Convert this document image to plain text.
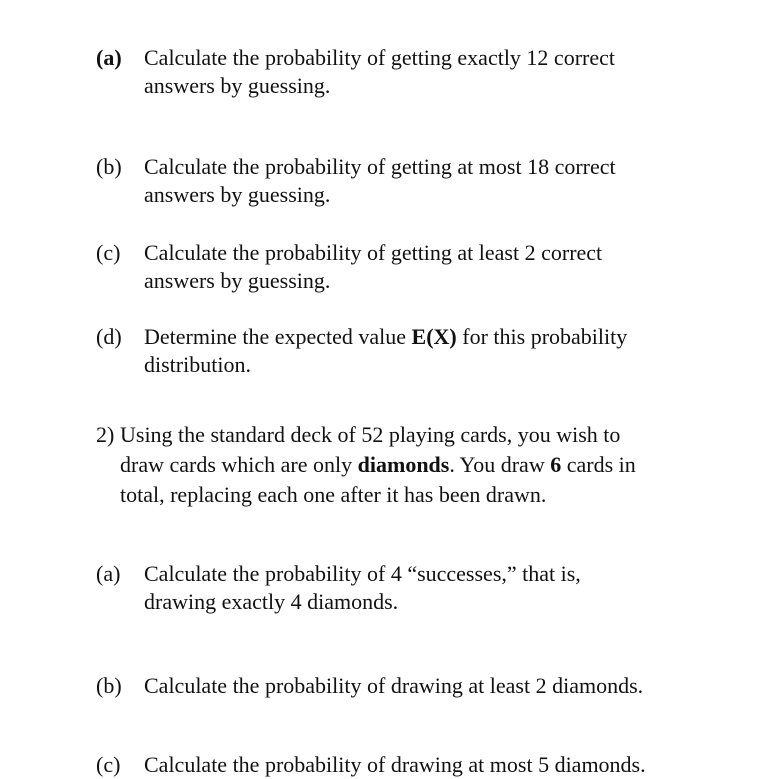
(a) Calculate the probability of getting exactly 12 correct
answers by guessing.
(b) Calculate the probability of getting at most 18 correct
answers by guessing.
(c) Calculate the probability of getting at least 2 correct
answers by guessing.
(d) Determine the expected value E(X) for this probability
distribution.
2) Using the standard deck of 52 playing cards, you wish to
draw cards which are only diamonds. You draw 6 cards in
total, replacing each one after it has been drawn.
(a) Calculate the probability of 4 “successes,” that is,
drawing exactly 4 diamonds.
(b) Calculate the probability of drawing at least 2 diamonds.
(c) Calculate the probability of drawing at most 5 diamonds.
